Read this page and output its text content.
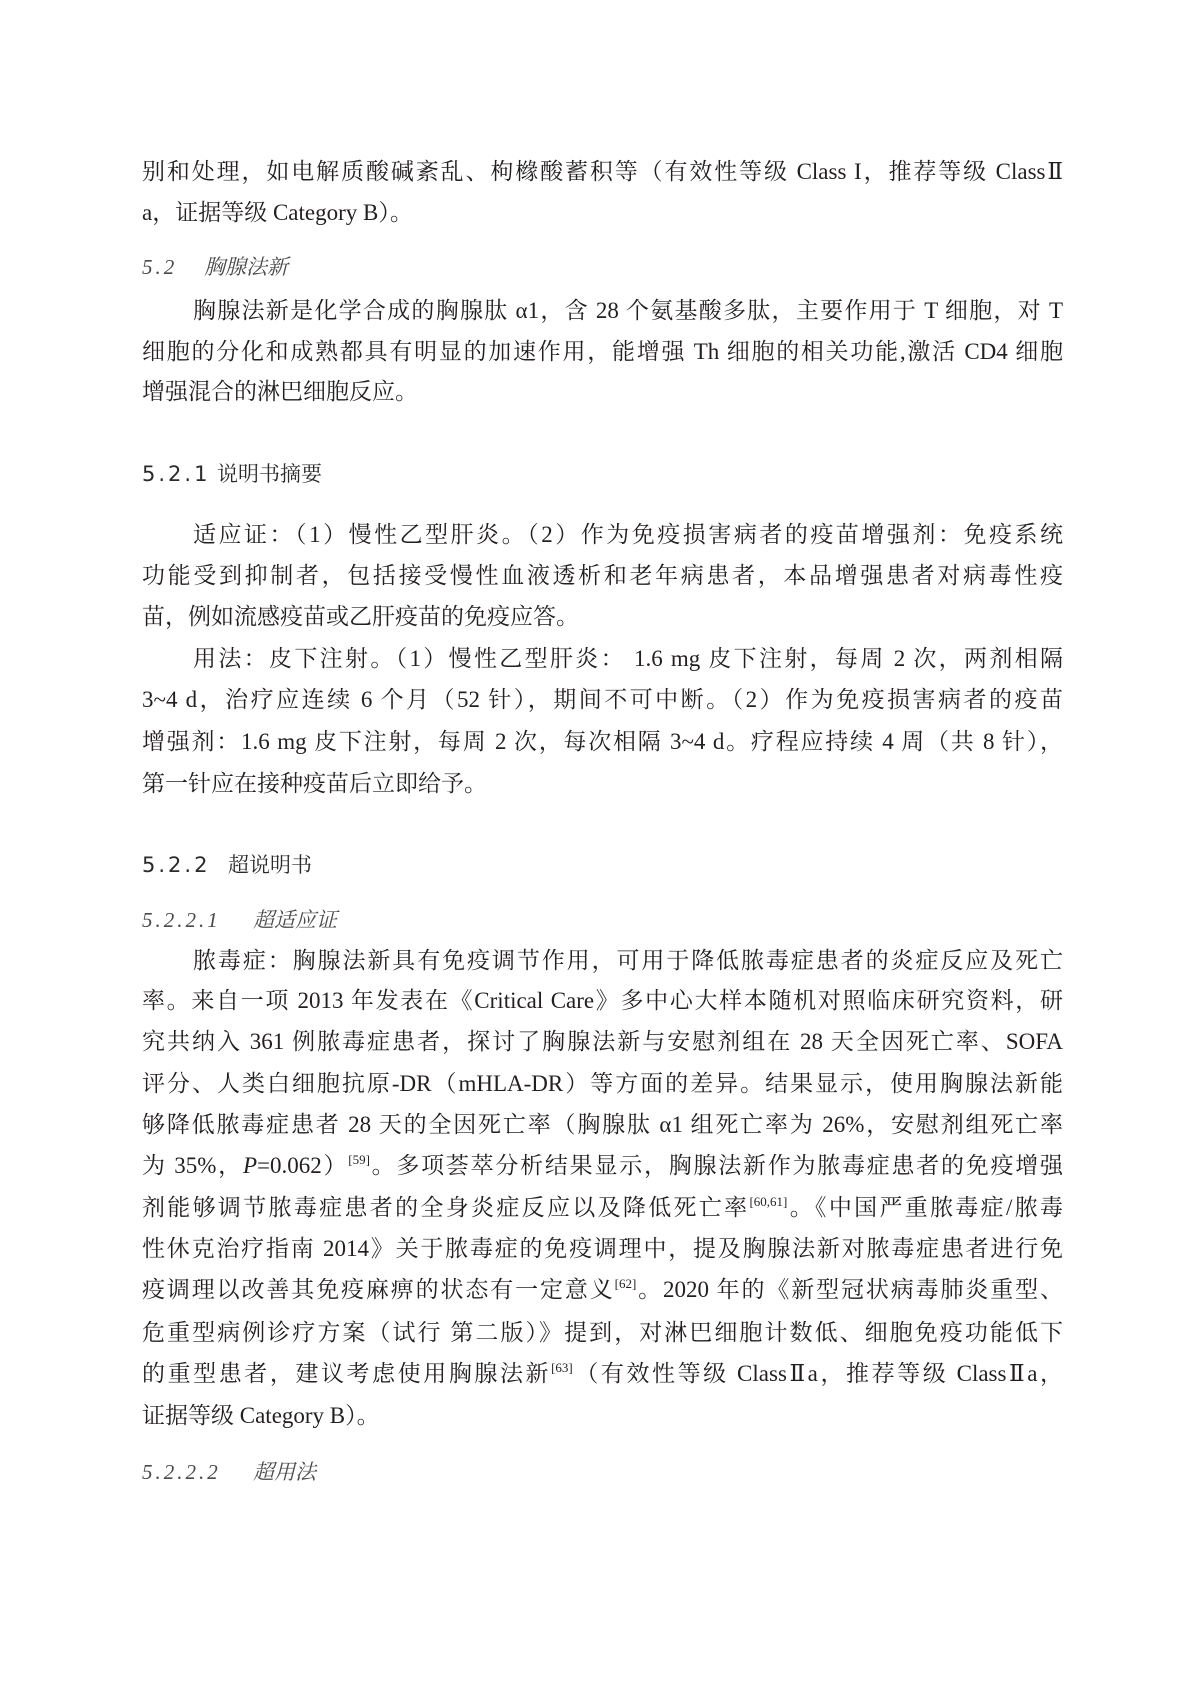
别和处理，如电解质酸碱紊乱、枸橼酸蓄积等（有效性等级 Class I，推荐等级 ClassⅡ
a，证据等级 Category B）。
5.2 胸腺法新
胸腺法新是化学合成的胸腺肽 α1，含 28 个氨基酸多肽，主要作用于 T 细胞，对 T
细胞的分化和成熟都具有明显的加速作用，能增强 Th 细胞的相关功能,激活 CD4 细胞
增强混合的淋巴细胞反应。
5.2.1 说明书摘要
适应证：（1）慢性乙型肝炎。（2）作为免疫损害病者的疫苗增强剂：免疫系统
功能受到抑制者，包括接受慢性血液透析和老年病患者，本品增强患者对病毒性疫
苗，例如流感疫苗或乙肝疫苗的免疫应答。
用法：皮下注射。（1）慢性乙型肝炎： 1.6 mg 皮下注射，每周 2 次，两剂相隔
3~4 d，治疗应连续 6 个月（52 针），期间不可中断。（2）作为免疫损害病者的疫苗
增强剂：1.6 mg 皮下注射，每周 2 次，每次相隔 3~4 d。疗程应持续 4 周（共 8 针），
第一针应在接种疫苗后立即给予。
5.2.2 超说明书
5.2.2.1 超适应证
脓毒症：胸腺法新具有免疫调节作用，可用于降低脓毒症患者的炎症反应及死亡
率。来自一项 2013 年发表在《Critical Care》多中心大样本随机对照临床研究资料，研
究共纳入 361 例脓毒症患者，探讨了胸腺法新与安慰剂组在 28 天全因死亡率、SOFA
评分、人类白细胞抗原-DR（mHLA-DR）等方面的差异。结果显示，使用胸腺法新能
够降低脓毒症患者 28 天的全因死亡率（胸腺肽 α1 组死亡率为 26%，安慰剂组死亡率
为 35%，P=0.062）[59]。多项荟萃分析结果显示，胸腺法新作为脓毒症患者的免疫增强
剂能够调节脓毒症患者的全身炎症反应以及降低死亡率[60,61]。《中国严重脓毒症/脓毒
性休克治疗指南 2014》关于脓毒症的免疫调理中，提及胸腺法新对脓毒症患者进行免
疫调理以改善其免疫麻痹的状态有一定意义[62]。2020 年的《新型冠状病毒肺炎重型、
危重型病例诊疗方案（试行 第二版）》提到，对淋巴细胞计数低、细胞免疫功能低下
的重型患者，建议考虑使用胸腺法新[63]（有效性等级 ClassⅡa，推荐等级 ClassⅡa，
证据等级 Category B）。
5.2.2.2 超用法
